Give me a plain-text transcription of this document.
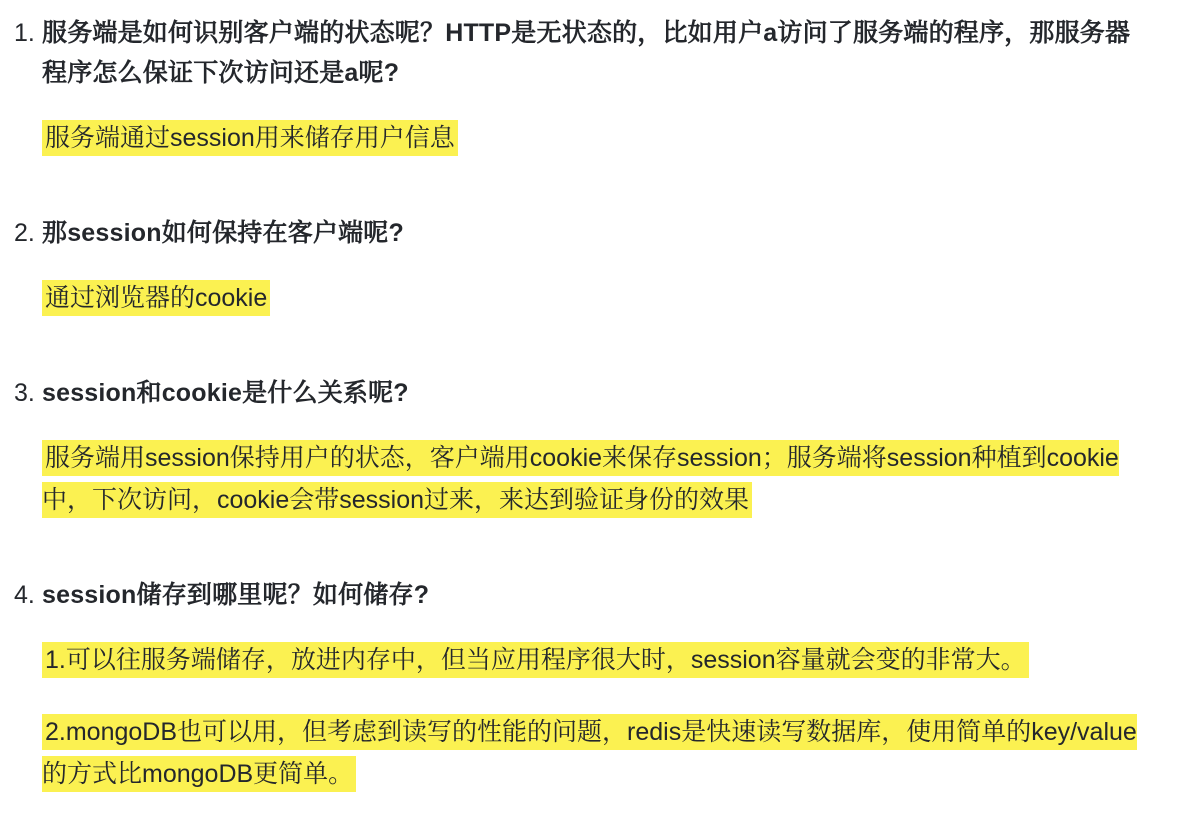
1. 服务端是如何识别客户端的状态呢？HTTP是无状态的，比如用户a访问了服务端的程序，那服务器程序怎么保证下次访问还是a呢?

服务端通过session用来储存用户信息

2. 那session如何保持在客户端呢?

通过浏览器的cookie

3. session和cookie是什么关系呢?

服务端用session保持用户的状态，客户端用cookie来保存session；服务端将session种植到cookie中，下次访问，cookie会带session过来，来达到验证身份的效果

4. session储存到哪里呢？如何储存?

1.可以往服务端储存，放进内存中，但当应用程序很大时，session容量就会变的非常大。

2.mongoDB也可以用，但考虑到读写的性能的问题，redis是快速读写数据库，使用简单的key/value的方式比mongoDB更简单。
